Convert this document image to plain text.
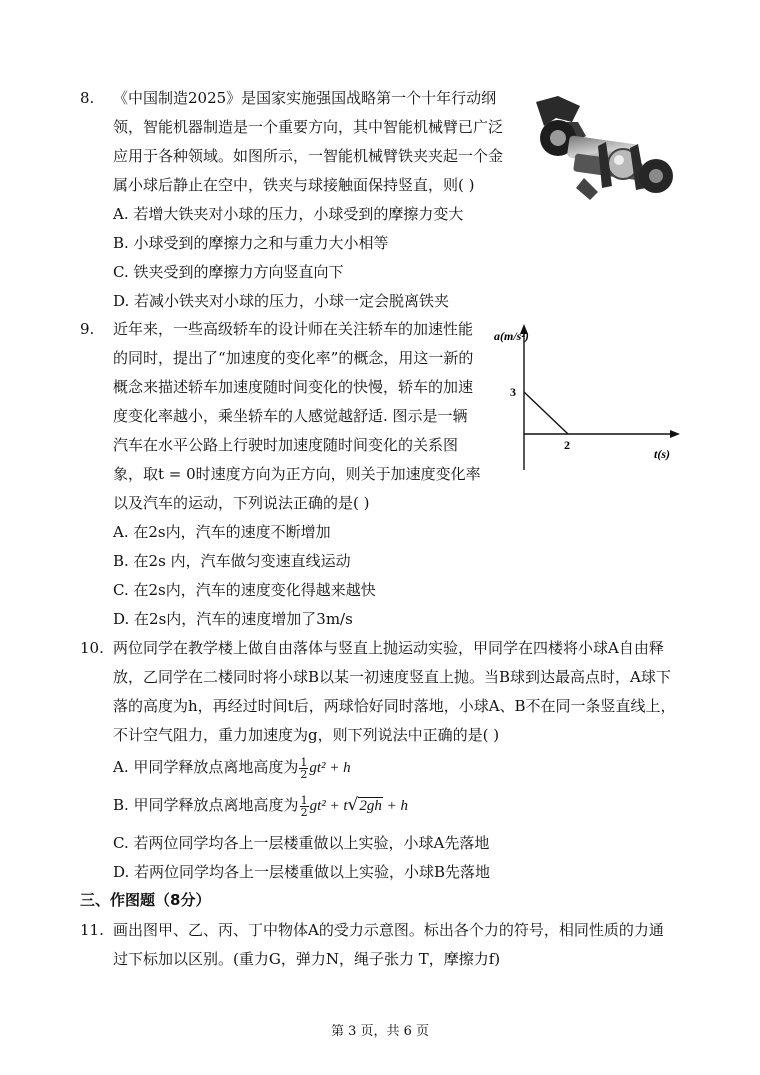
8. 《中国制造2025》是国家实施强国战略第一个十年行动纲
领，智能机器制造是一个重要方向，其中智能机械臂已广泛
应用于各种领域。如图所示，一智能机械臂铁夹夹起一个金
属小球后静止在空中，铁夹与球接触面保持竖直，则( )
A. 若增大铁夹对小球的压力，小球受到的摩擦力变大
B. 小球受到的摩擦力之和与重力大小相等
C. 铁夹受到的摩擦力方向竖直向下
D. 若减小铁夹对小球的压力，小球一定会脱离铁夹
9. 近年来，一些高级轿车的设计师在关注轿车的加速性能
的同时，提出了“加速度的变化率”的概念，用这一新的
概念来描述轿车加速度随时间变化的快慢，轿车的加速
度变化率越小，乘坐轿车的人感觉越舒适. 图示是一辆
汽车在水平公路上行驶时加速度随时间变化的关系图
象，取t = 0时速度方向为正方向，则关于加速度变化率
以及汽车的运动，下列说法正确的是( )
A. 在2s内，汽车的速度不断增加
B. 在2s 内，汽车做匀变速直线运动
C. 在2s内，汽车的速度变化得越来越快
D. 在2s内，汽车的速度增加了3m/s
a(m/s²)
t(s)
3
2
10. 两位同学在教学楼上做自由落体与竖直上抛运动实验，甲同学在四楼将小球A自由释
放，乙同学在二楼同时将小球B以某一初速度竖直上抛。当B球到达最高点时，A球下
落的高度为h，再经过时间t后，两球恰好同时落地，小球A、B不在同一条竖直线上，
不计空气阻力，重力加速度为g，则下列说法中正确的是( )
A. 甲同学释放点离地高度为 $\frac{1}{2} gt^2 + h$
B. 甲同学释放点离地高度为 $\frac{1}{2} gt^2 + t√2gh + h$
C. 若两位同学均各上一层楼重做以上实验，小球A先落地
D. 若两位同学均各上一层楼重做以上实验，小球B先落地
三、作图题（8分）
11. 画出图甲、乙、丙、丁中物体A的受力示意图。标出各个力的符号，相同性质的力通
过下标加以区别。(重力G，弹力N，绳子张力 T，摩擦力f)
第 3 页，共 6 页
